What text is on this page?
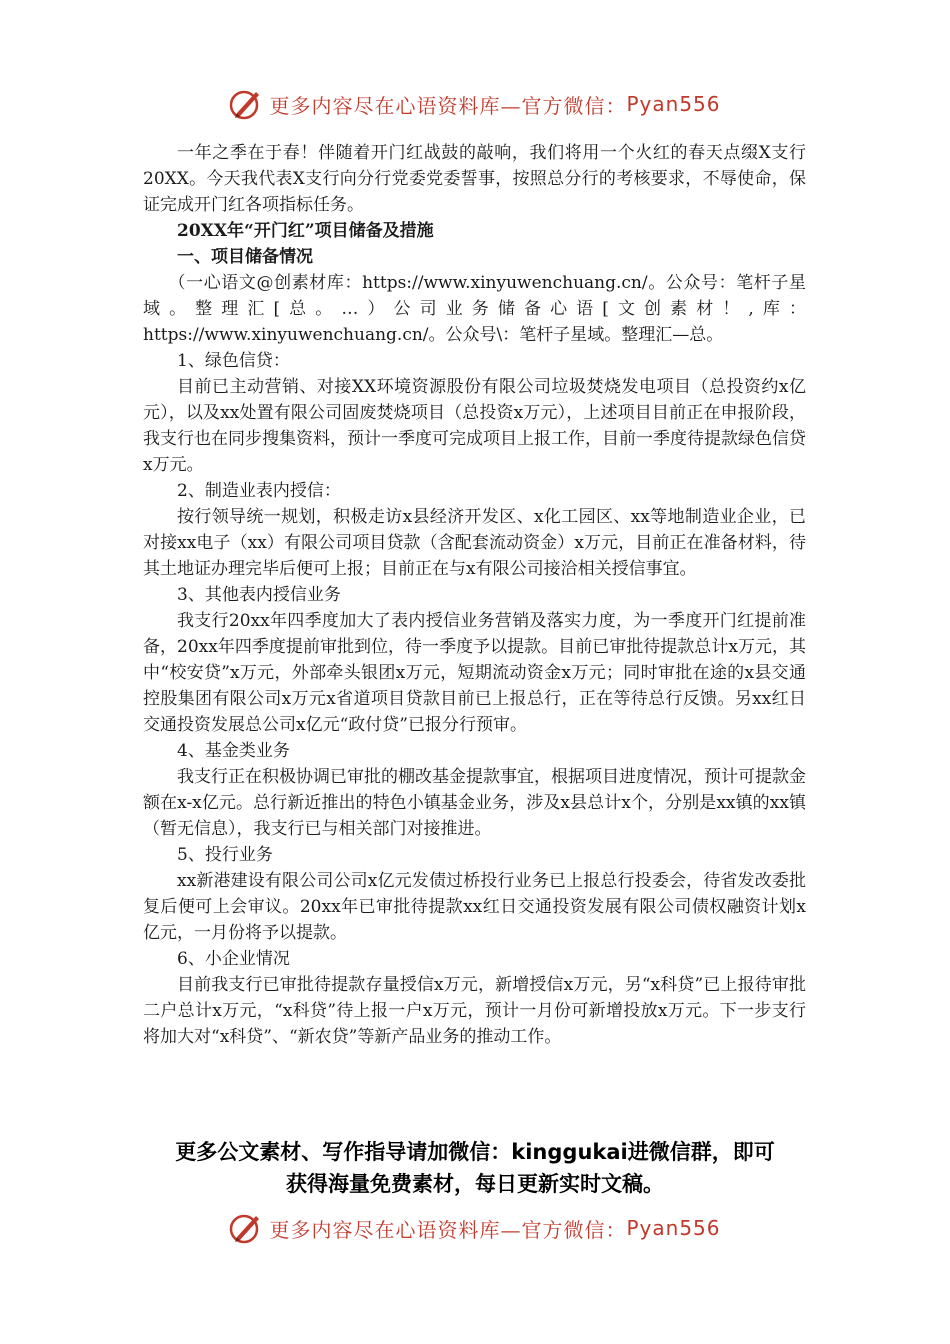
更多内容尽在心语资料库—官方微信： Pyan556

一年之季在于春！伴随着开门红战鼓的敲响，我们将用一个火红的春天点缀X支行20XX。今天我代表X支行向分行党委党委誓事，按照总分行的考核要求，不辱使命，保证完成开门红各项指标任务。

20XX年“开门红”项目储备及措施

一、项目储备情况

（一心语文@创素材库：https://www.xinyuwenchuang.cn/。公众号：笔杆子星域。整理汇[总。…）公司业务储备心语[文创素材！,库：https://www.xinyuwenchuang.cn/。公众号\：笔杆子星域。整理汇—总。

1、绿色信贷：

目前已主动营销、对接XX环境资源股份有限公司垃圾焚烧发电项目（总投资约x亿元），以及xx处置有限公司固废焚烧项目（总投资x万元），上述项目目前正在申报阶段，我支行也在同步搜集资料，预计一季度可完成项目上报工作，目前一季度待提款绿色信贷x万元。

2、制造业表内授信：

按行领导统一规划，积极走访x县经济开发区、x化工园区、xx等地制造业企业，已对接xx电子（xx）有限公司项目贷款（含配套流动资金）x万元，目前正在准备材料，待其土地证办理完毕后便可上报；目前正在与x有限公司接洽相关授信事宜。

3、其他表内授信业务

我支行20xx年四季度加大了表内授信业务营销及落实力度，为一季度开门红提前准备，20xx年四季度提前审批到位，待一季度予以提款。目前已审批待提款总计x万元，其中“校安贷”x万元，外部牵头银团x万元，短期流动资金x万元；同时审批在途的x县交通控股集团有限公司x万元x省道项目贷款目前已上报总行，正在等待总行反馈。另xx红日交通投资发展总公司x亿元“政付贷”已报分行预审。

4、基金类业务

我支行正在积极协调已审批的棚改基金提款事宜，根据项目进度情况，预计可提款金额在x-x亿元。总行新近推出的特色小镇基金业务，涉及x县总计x个，分别是xx镇的xx镇（暂无信息），我支行已与相关部门对接推进。

5、投行业务

xx新港建设有限公司公司x亿元发债过桥投行业务已上报总行投委会，待省发改委批复后便可上会审议。20xx年已审批待提款xx红日交通投资发展有限公司债权融资计划x亿元，一月份将予以提款。

6、小企业情况

目前我支行已审批待提款存量授信x万元，新增授信x万元，另“x科贷”已上报待审批二户总计x万元，“x科贷”待上报一户x万元，预计一月份可新增投放x万元。下一步支行将加大对“x科贷”、“新农贷”等新产品业务的推动工作。

更多公文素材、写作指导请加微信：kinggukai进微信群，即可
获得海量免费素材，每日更新实时文稿。
更多内容尽在心语资料库—官方微信： Pyan556
